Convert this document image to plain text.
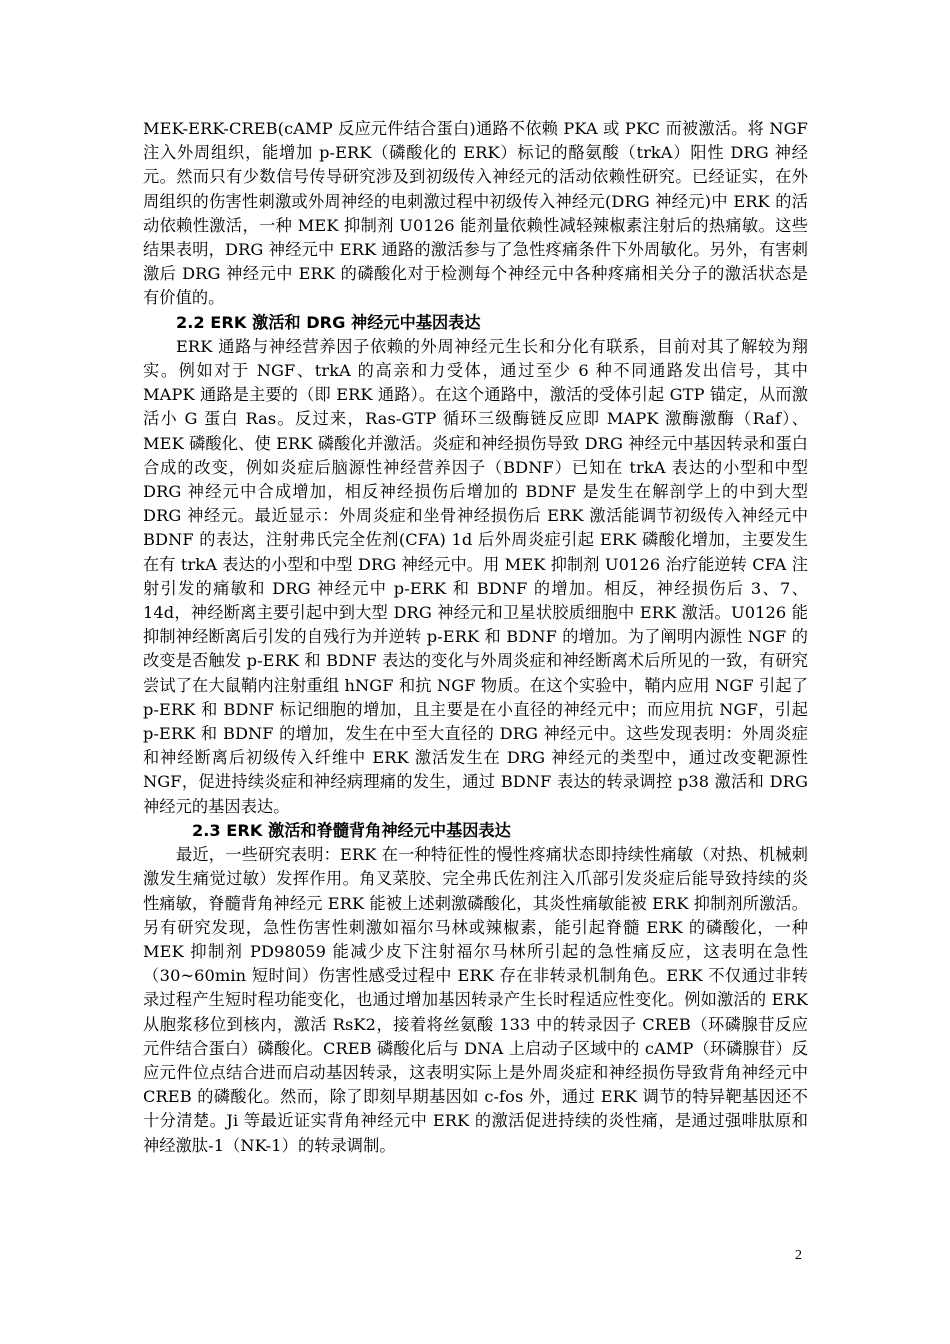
MEK-ERK-CREB(cAMP 反应元件结合蛋白)通路不依赖 PKA 或 PKC 而被激活。将 NGF 注入外周组织，能增加 p-ERK（磷酸化的 ERK）标记的酪氨酸（trkA）阳性 DRG 神经元。然而只有少数信号传导研究涉及到初级传入神经元的活动依赖性研究。已经证实，在外周组织的伤害性刺激或外周神经的电刺激过程中初级传入神经元(DRG 神经元)中 ERK 的活动依赖性激活，一种 MEK 抑制剂 U0126 能剂量依赖性减轻辣椒素注射后的热痛敏。这些结果表明，DRG 神经元中 ERK 通路的激活参与了急性疼痛条件下外周敏化。另外，有害刺激后 DRG 神经元中 ERK 的磷酸化对于检测每个神经元中各种疼痛相关分子的激活状态是有价值的。

2.2 ERK 激活和 DRG 神经元中基因表达

ERK 通路与神经营养因子依赖的外周神经元生长和分化有联系，目前对其了解较为翔实。例如对于 NGF、trkA 的高亲和力受体，通过至少 6 种不同通路发出信号，其中 MAPK 通路是主要的（即 ERK 通路）。在这个通路中，激活的受体引起 GTP 锚定，从而激活小 G 蛋白 Ras。反过来，Ras-GTP 循环三级酶链反应即 MAPK 激酶激酶（Raf）、MEK 磷酸化、使 ERK 磷酸化并激活。炎症和神经损伤导致 DRG 神经元中基因转录和蛋白合成的改变，例如炎症后脑源性神经营养因子（BDNF）已知在 trkA 表达的小型和中型 DRG 神经元中合成增加，相反神经损伤后增加的 BDNF 是发生在解剖学上的中到大型 DRG 神经元。最近显示：外周炎症和坐骨神经损伤后 ERK 激活能调节初级传入神经元中 BDNF 的表达，注射弗氏完全佐剂(CFA) 1d 后外周炎症引起 ERK 磷酸化增加，主要发生在有 trkA 表达的小型和中型 DRG 神经元中。用 MEK 抑制剂 U0126 治疗能逆转 CFA 注射引发的痛敏和 DRG 神经元中 p-ERK 和 BDNF 的增加。相反，神经损伤后 3、7、14d，神经断离主要引起中到大型 DRG 神经元和卫星状胶质细胞中 ERK 激活。U0126 能抑制神经断离后引发的自残行为并逆转 p-ERK 和 BDNF 的增加。为了阐明内源性 NGF 的改变是否触发 p-ERK 和 BDNF 表达的变化与外周炎症和神经断离术后所见的一致，有研究尝试了在大鼠鞘内注射重组 hNGF 和抗 NGF 物质。在这个实验中，鞘内应用 NGF 引起了 p-ERK 和 BDNF 标记细胞的增加，且主要是在小直径的神经元中；而应用抗 NGF，引起 p-ERK 和 BDNF 的增加，发生在中至大直径的 DRG 神经元中。这些发现表明：外周炎症和神经断离后初级传入纤维中 ERK 激活发生在 DRG 神经元的类型中，通过改变靶源性 NGF，促进持续炎症和神经病理痛的发生，通过 BDNF 表达的转录调控 p38 激活和 DRG 神经元的基因表达。

2.3 ERK 激活和脊髓背角神经元中基因表达

最近，一些研究表明：ERK 在一种特征性的慢性疼痛状态即持续性痛敏（对热、机械刺激发生痛觉过敏）发挥作用。角叉菜胶、完全弗氏佐剂注入爪部引发炎症后能导致持续的炎性痛敏，脊髓背角神经元 ERK 能被上述刺激磷酸化，其炎性痛敏能被 ERK 抑制剂所激活。另有研究发现，急性伤害性刺激如福尔马林或辣椒素，能引起脊髓 ERK 的磷酸化，一种 MEK 抑制剂 PD98059 能减少皮下注射福尔马林所引起的急性痛反应，这表明在急性（30~60min 短时间）伤害性感受过程中 ERK 存在非转录机制角色。ERK 不仅通过非转录过程产生短时程功能变化，也通过增加基因转录产生长时程适应性变化。例如激活的 ERK 从胞浆移位到核内，激活 RsK2，接着将丝氨酸 133 中的转录因子 CREB（环磷腺苷反应元件结合蛋白）磷酸化。CREB 磷酸化后与 DNA 上启动子区域中的 cAMP（环磷腺苷）反应元件位点结合进而启动基因转录，这表明实际上是外周炎症和神经损伤导致背角神经元中 CREB 的磷酸化。然而，除了即刻早期基因如 c-fos 外，通过 ERK 调节的特异靶基因还不十分清楚。Ji 等最近证实背角神经元中 ERK 的激活促进持续的炎性痛，是通过强啡肽原和神经激肽-1（NK-1）的转录调制。

2
